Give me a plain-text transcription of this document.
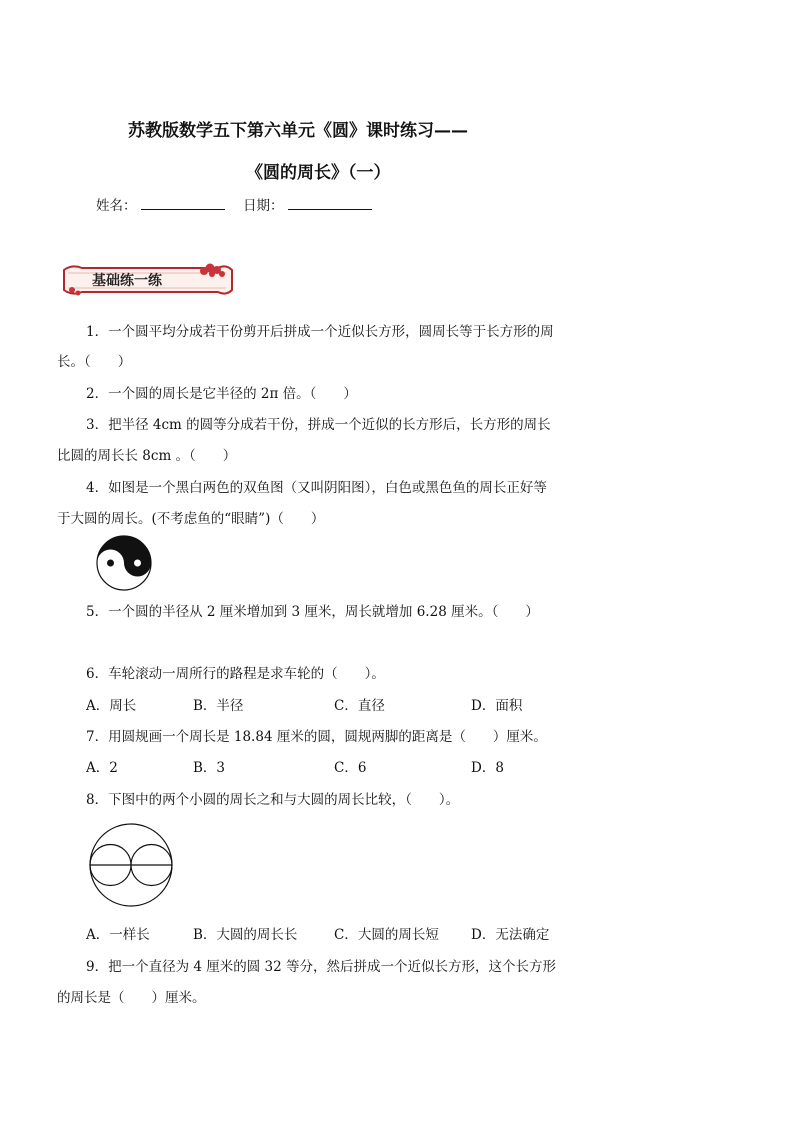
苏教版数学五下第六单元《圆》课时练习——
《圆的周长》（一）
姓名：	日期：
基础练一练
1．一个圆平均分成若干份剪开后拼成一个近似长方形，圆周长等于长方形的周
长。（　　）
2．一个圆的周长是它半径的 2π 倍。（　　）
3．把半径 4cm 的圆等分成若干份，拼成一个近似的长方形后，长方形的周长
比圆的周长长 8cm 。（　　）
4．如图是一个黑白两色的双鱼图（又叫阴阳图），白色或黑色鱼的周长正好等
于大圆的周长。(不考虑鱼的“眼睛”)（　　）
5．一个圆的半径从 2 厘米增加到 3 厘米，周长就增加 6.28 厘米。（　　）
6．车轮滚动一周所行的路程是求车轮的（　　）。
A．周长	B．半径	C．直径	D．面积
7．用圆规画一个周长是 18.84 厘米的圆，圆规两脚的距离是（　　）厘米。
A．2	B．3	C．6	D．8
8．下图中的两个小圆的周长之和与大圆的周长比较，（　　）。
A．一样长	B．大圆的周长长	C．大圆的周长短 D．无法确定
9．把一个直径为 4 厘米的圆 32 等分，然后拼成一个近似长方形，这个长方形
的周长是（　　）厘米。
